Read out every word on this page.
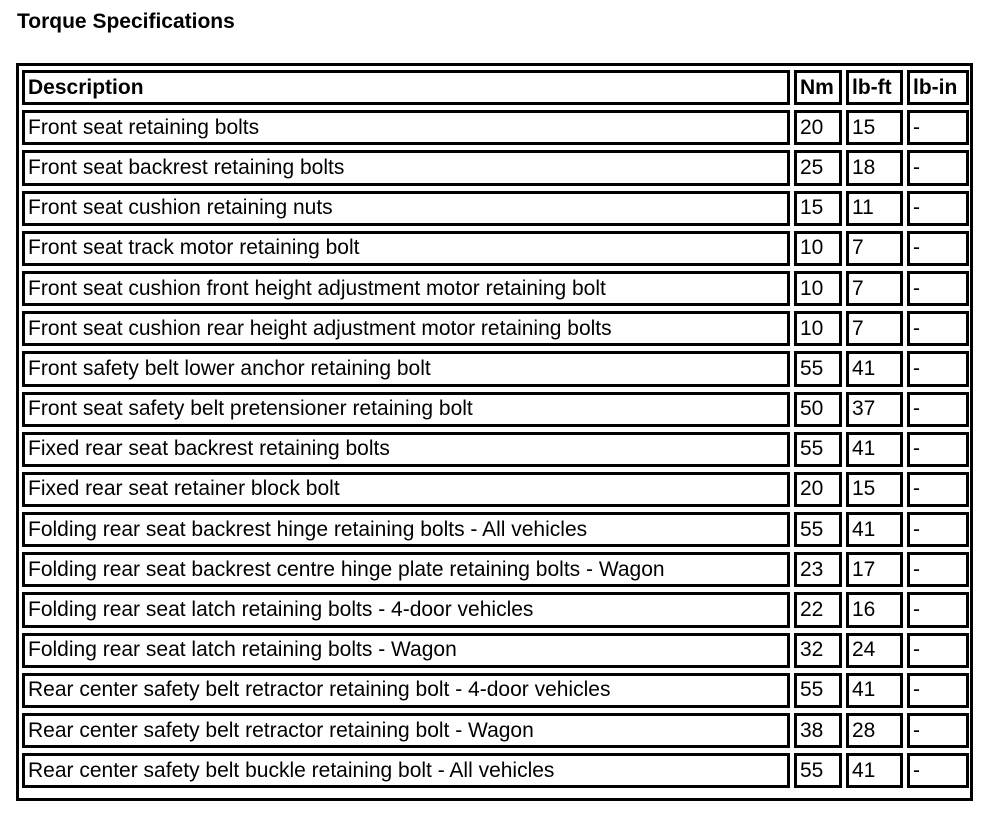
Torque Specifications
Description	Nm	lb-ft	lb-in
Front seat retaining bolts	20	15	-
Front seat backrest retaining bolts	25	18	-
Front seat cushion retaining nuts	15	11	-
Front seat track motor retaining bolt	10	7	-
Front seat cushion front height adjustment motor retaining bolt	10	7	-
Front seat cushion rear height adjustment motor retaining bolts	10	7	-
Front safety belt lower anchor retaining bolt	55	41	-
Front seat safety belt pretensioner retaining bolt	50	37	-
Fixed rear seat backrest retaining bolts	55	41	-
Fixed rear seat retainer block bolt	20	15	-
Folding rear seat backrest hinge retaining bolts - All vehicles	55	41	-
Folding rear seat backrest centre hinge plate retaining bolts - Wagon	23	17	-
Folding rear seat latch retaining bolts - 4-door vehicles	22	16	-
Folding rear seat latch retaining bolts - Wagon	32	24	-
Rear center safety belt retractor retaining bolt - 4-door vehicles	55	41	-
Rear center safety belt retractor retaining bolt - Wagon	38	28	-
Rear center safety belt buckle retaining bolt - All vehicles	55	41	-
